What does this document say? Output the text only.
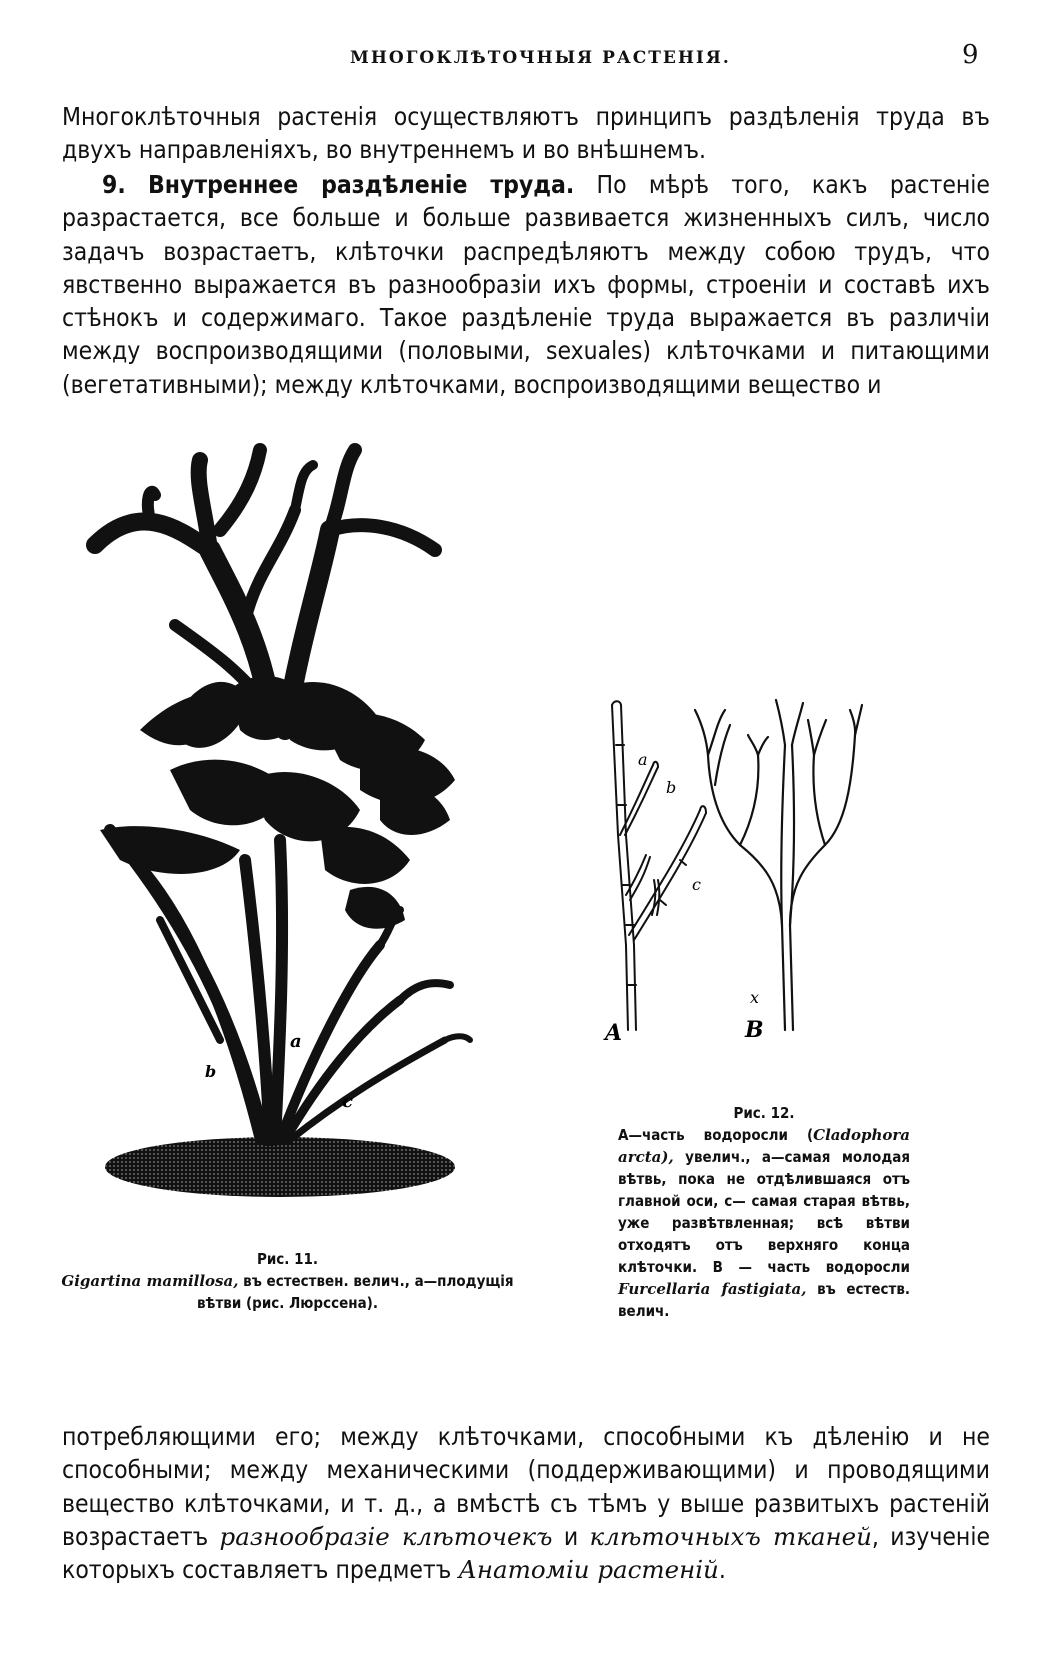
МНОГОКЛѢТОЧНЫЯ РАСТЕНІЯ.	9

Многоклѣточныя растенія осуществляютъ принципъ раздѣленія труда въ двухъ направленіяхъ, во внутреннемъ и во внѣшнемъ.

9. Внутреннее раздѣленіе труда. По мѣрѣ того, какъ растеніе разрастается, все больше и больше развивается жизненныхъ силъ, число задачъ возрастаетъ, клѣточки распредѣляютъ между собою трудъ, что явственно выражается въ разнообразіи ихъ формы, строеніи и составѣ ихъ стѣнокъ и содержимаго. Такое раздѣленіе труда выражается въ различіи между воспроизводящими (половыми, sexuales) клѣточками и питающими (вегетативными); между клѣточками, воспроизводящими вещество и

b
a
c
a
b
c
A	B
x
Рис. 11.
Gigartina mamillosa, въ естествен. велич., а—плодущія вѣтви (рис. Люрссена).
Рис. 12.
A—часть водоросли (Cladophora arcta), увелич., а—самая молодая вѣтвь, пока не отдѣлившаяся отъ главной оси, с— самая старая вѣтвь, уже развѣтвленная; всѣ вѣтви отходятъ отъ верхняго конца клѣточки. B — часть водоросли Furcellaria fastigiata, въ естеств. велич.

потребляющими его; между клѣточками, способными къ дѣленію и не способными; между механическими (поддерживающими) и проводящими вещество клѣточками, и т. д., а вмѣстѣ съ тѣмъ у выше развитыхъ растеній возрастаетъ разнообразіе клѣточекъ и клѣточныхъ тканей, изученіе которыхъ составляетъ предметъ Анатоміи растеній.
